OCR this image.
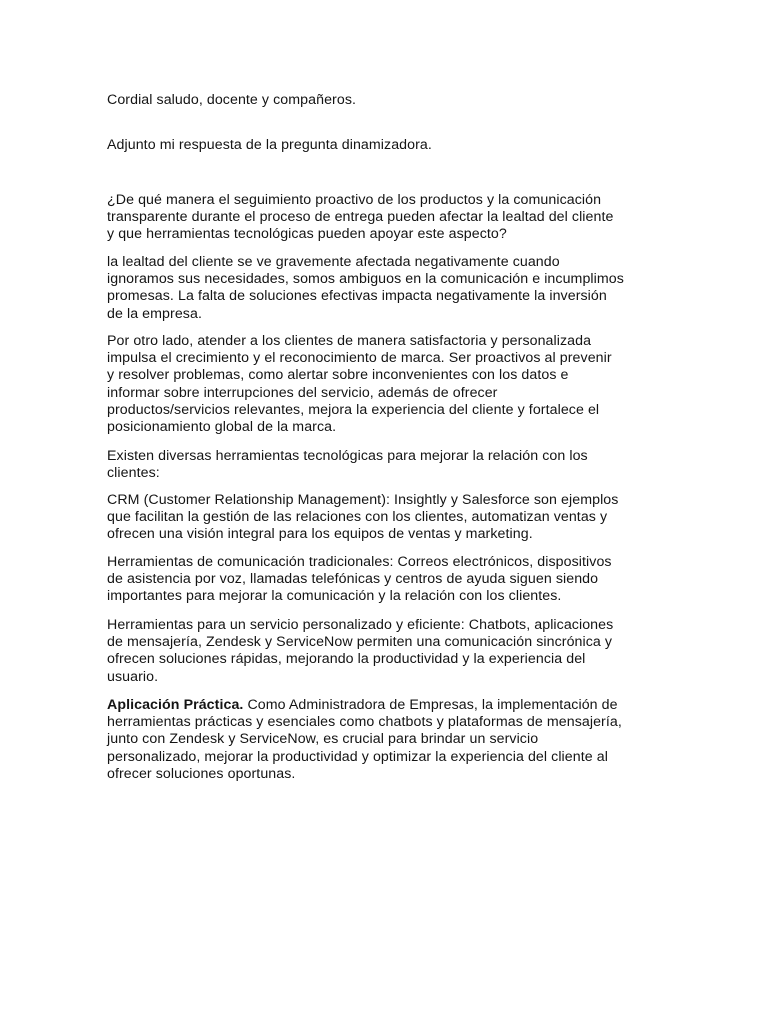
Cordial saludo, docente y compañeros.

Adjunto mi respuesta de la pregunta dinamizadora.

¿De qué manera el seguimiento proactivo de los productos y la comunicación
transparente durante el proceso de entrega pueden afectar la lealtad del cliente
y que herramientas tecnológicas pueden apoyar este aspecto?

la lealtad del cliente se ve gravemente afectada negativamente cuando
ignoramos sus necesidades, somos ambiguos en la comunicación e incumplimos
promesas. La falta de soluciones efectivas impacta negativamente la inversión
de la empresa.

Por otro lado, atender a los clientes de manera satisfactoria y personalizada
impulsa el crecimiento y el reconocimiento de marca. Ser proactivos al prevenir
y resolver problemas, como alertar sobre inconvenientes con los datos e
informar sobre interrupciones del servicio, además de ofrecer
productos/servicios relevantes, mejora la experiencia del cliente y fortalece el
posicionamiento global de la marca.

Existen diversas herramientas tecnológicas para mejorar la relación con los
clientes:

CRM (Customer Relationship Management): Insightly y Salesforce son ejemplos
que facilitan la gestión de las relaciones con los clientes, automatizan ventas y
ofrecen una visión integral para los equipos de ventas y marketing.

Herramientas de comunicación tradicionales: Correos electrónicos, dispositivos
de asistencia por voz, llamadas telefónicas y centros de ayuda siguen siendo
importantes para mejorar la comunicación y la relación con los clientes.

Herramientas para un servicio personalizado y eficiente: Chatbots, aplicaciones
de mensajería, Zendesk y ServiceNow permiten una comunicación sincrónica y
ofrecen soluciones rápidas, mejorando la productividad y la experiencia del
usuario.

Aplicación Práctica. Como Administradora de Empresas, la implementación de
herramientas prácticas y esenciales como chatbots y plataformas de mensajería,
junto con Zendesk y ServiceNow, es crucial para brindar un servicio
personalizado, mejorar la productividad y optimizar la experiencia del cliente al
ofrecer soluciones oportunas.
